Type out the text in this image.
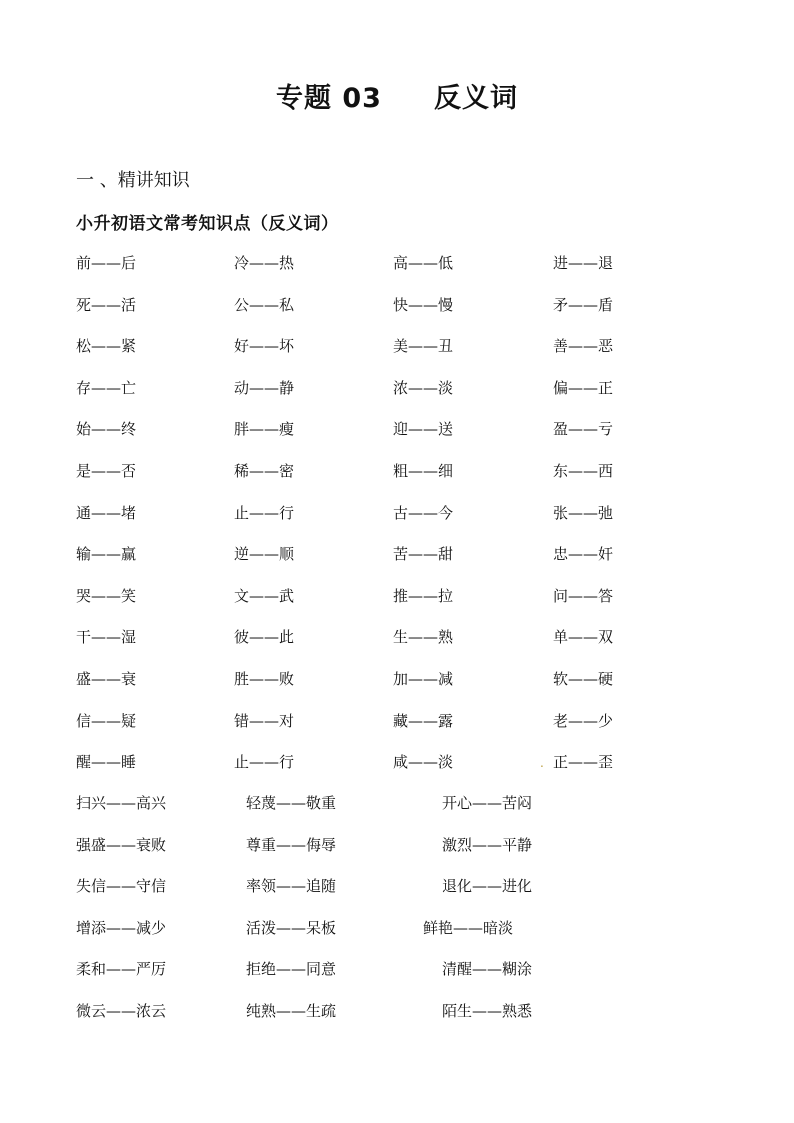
专题 03     反义词
一 、精讲知识
小升初语文常考知识点（反义词）
前——后	冷——热	高——低	进——退
死——活	公——私	快——慢	矛——盾
松——紧	好——坏	美——丑	善——恶
存——亡	动——静	浓——淡	偏——正
始——终	胖——瘦	迎——送	盈——亏
是——否	稀——密	粗——细	东——西
通——堵	止——行	古——今	张——弛
输——赢	逆——顺	苦——甜	忠——奸
哭——笑	文——武	推——拉	问——答
干——湿	彼——此	生——熟	单——双
盛——衰	胜——败	加——减	软——硬
信——疑	错——对	藏——露	老——少
醒——睡	止——行	咸——淡	. 正——歪
扫兴——高兴	轻蔑——敬重	开心——苦闷
强盛——衰败	尊重——侮辱	激烈——平静
失信——守信	率领——追随	退化——进化
增添——减少	活泼——呆板	鲜艳——暗淡
柔和——严厉	拒绝——同意	清醒——糊涂
微云——浓云	纯熟——生疏	陌生——熟悉
